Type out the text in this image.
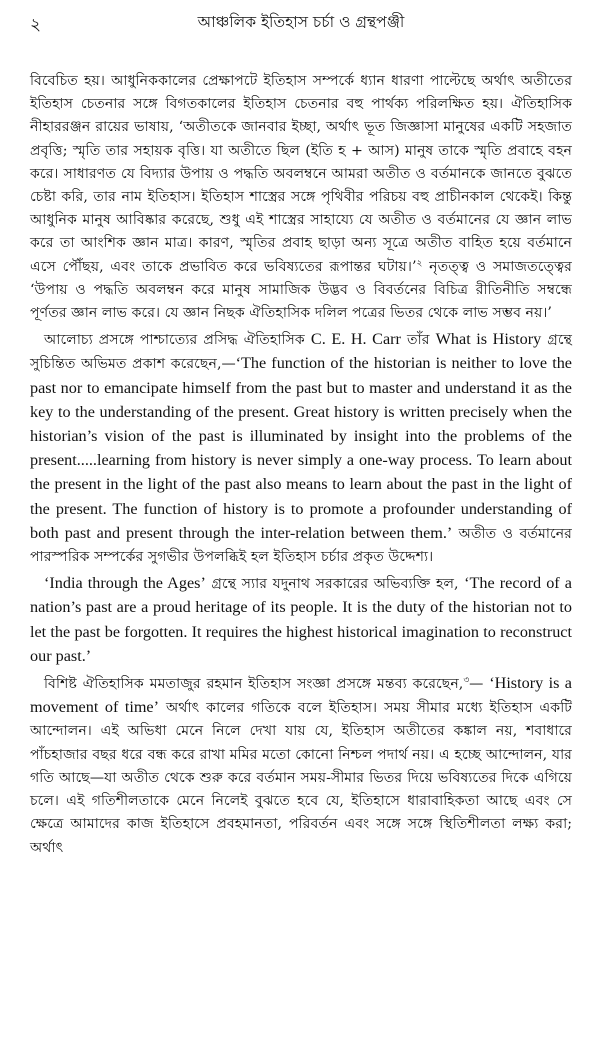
২	আঞ্চলিক ইতিহাস চর্চা ও গ্রন্থপঞ্জী

বিবেচিত হয়। আধুনিককালের প্রেক্ষাপটে ইতিহাস সম্পর্কে ধ্যান ধারণা পাল্টেছে অর্থাৎ অতীতের ইতিহাস চেতনার সঙ্গে বিগতকালের ইতিহাস চেতনার বহু পার্থক্য পরিলক্ষিত হয়। ঐতিহাসিক নীহাররঞ্জন রায়ের ভাষায়, ‘অতীতকে জানবার ইচ্ছা, অর্থাৎ ভূত জিজ্ঞাসা মানুষের একটি সহজাত প্রবৃত্তি; স্মৃতি তার সহায়ক বৃত্তি। যা অতীতে ছিল (ইতি হ + আস) মানুষ তাকে স্মৃতি প্রবাহে বহন করে। সাধারণত যে বিদ্যার উপায় ও পদ্ধতি অবলম্বনে আমরা অতীত ও বর্তমানকে জানতে বুঝতে চেষ্টা করি, তার নাম ইতিহাস। ইতিহাস শাস্ত্রের সঙ্গে পৃথিবীর পরিচয় বহু প্রাচীনকাল থেকেই। কিন্তু আধুনিক মানুষ আবিষ্কার করেছে, শুধু এই শাস্ত্রের সাহায্যে যে অতীত ও বর্তমানের যে জ্ঞান লাভ করে তা আংশিক জ্ঞান মাত্র। কারণ, স্মৃতির প্রবাহ ছাড়া অন্য সূত্রে অতীত বাহিত হয়ে বর্তমানে এসে পৌঁছয়, এবং তাকে প্রভাবিত করে ভবিষ্যতের রূপান্তর ঘটায়।’$^২$ নৃতত্ত্ব ও সমাজতত্ত্বের ‘উপায় ও পদ্ধতি অবলম্বন করে মানুষ সামাজিক উদ্ভব ও বিবর্তনের বিচিত্র রীতিনীতি সম্বন্ধে পূর্ণতর জ্ঞান লাভ করে। যে জ্ঞান নিছক ঐতিহাসিক দলিল পত্রের ভিতর থেকে লাভ সম্ভব নয়।’

আলোচ্য প্রসঙ্গে পাশ্চাত্যের প্রসিদ্ধ ঐতিহাসিক C. E. H. Carr তাঁর What is History গ্রন্থে সুচিন্তিত অভিমত প্রকাশ করেছেন,—‘The function of the historian is neither to love the past nor to emancipate himself from the past but to master and understand it as the key to the understanding of the present. Great history is written precisely when the historian’s vision of the past is illuminated by insight into the problems of the present.....learning from history is never simply a one-way process. To learn about the present in the light of the past also means to learn about the past in the light of the present. The function of history is to promote a profounder understanding of both past and present through the inter-relation between them.’ অতীত ও বর্তমানের পারস্পরিক সম্পর্কের সুগভীর উপলব্ধিই হল ইতিহাস চর্চার প্রকৃত উদ্দেশ্য।

‘India through the Ages’ গ্রন্থে স্যার যদুনাথ সরকারের অভিব্যক্তি হল, ‘The record of a nation’s past are a proud heritage of its people. It is the duty of the historian not to let the past be forgotten. It requires the highest historical imagination to reconstruct our past.’

বিশিষ্ট ঐতিহাসিক মমতাজুর রহমান ইতিহাস সংজ্ঞা প্রসঙ্গে মন্তব্য করেছেন,$^৩$— ‘History is a movement of time’ অর্থাৎ কালের গতিকে বলে ইতিহাস। সময় সীমার মধ্যে ইতিহাস একটি আন্দোলন। এই অভিধা মেনে নিলে দেখা যায় যে, ইতিহাস অতীতের কঙ্কাল নয়, শবাধারে পাঁচহাজার বছর ধরে বন্ধ করে রাখা মমির মতো কোনো নিশ্চল পদার্থ নয়। এ হচ্ছে আন্দোলন, যার গতি আছে—যা অতীত থেকে শুরু করে বর্তমান সময়-সীমার ভিতর দিয়ে ভবিষ্যতের দিকে এগিয়ে চলে। এই গতিশীলতাকে মেনে নিলেই বুঝতে হবে যে, ইতিহাসে ধারাবাহিকতা আছে এবং সে ক্ষেত্রে আমাদের কাজ ইতিহাসে প্রবহমানতা, পরিবর্তন এবং সঙ্গে সঙ্গে স্থিতিশীলতা লক্ষ্য করা; অর্থাৎ
